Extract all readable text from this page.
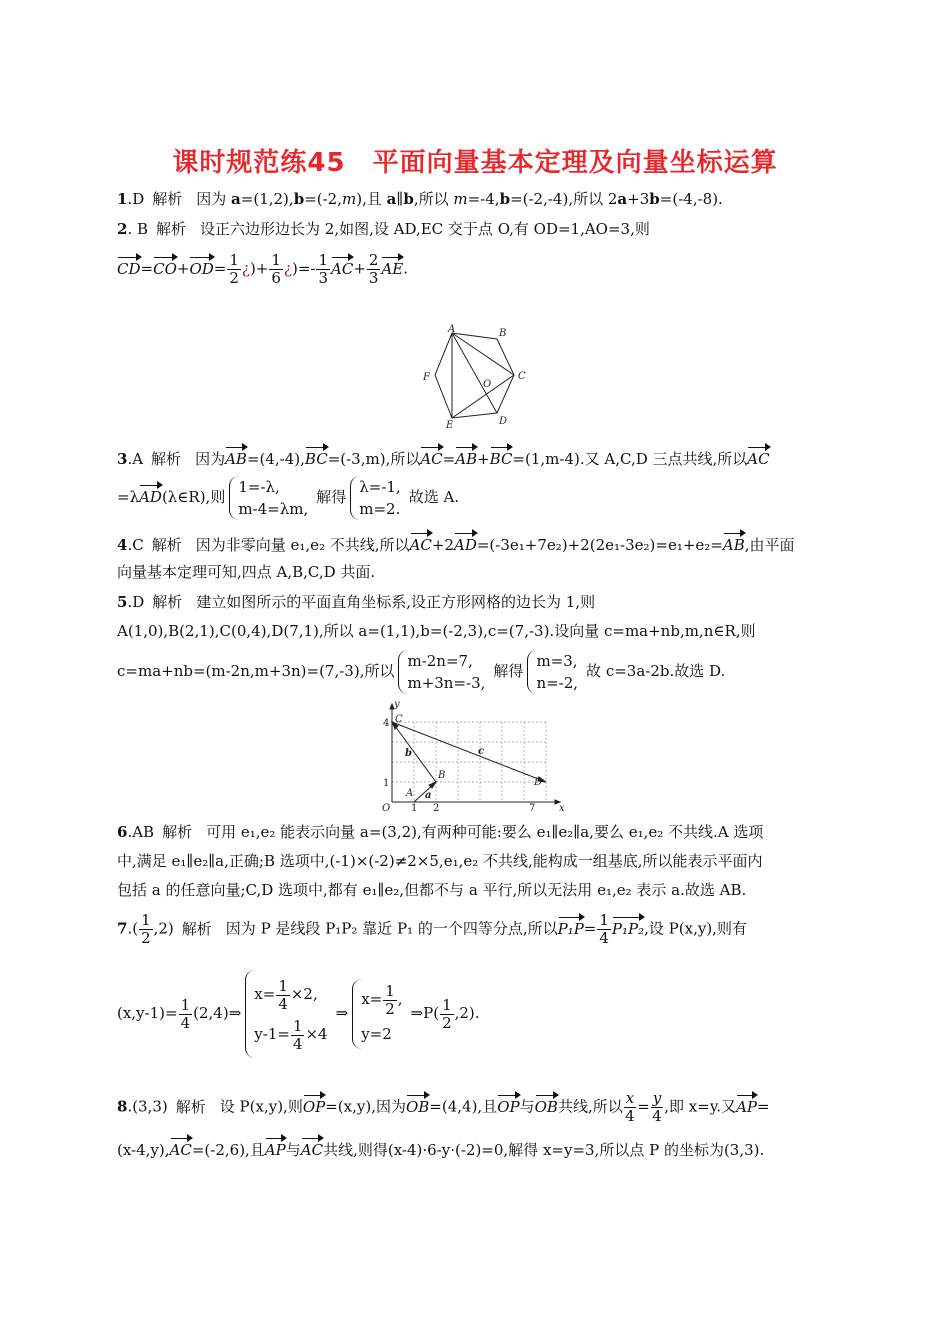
课时规范练45　平面向量基本定理及向量坐标运算
1.D 解析 因为 a=(1,2),b=(-2,m),且 a∥b,所以 m=-4,b=(-2,-4),所以 2a+3b=(-4,-8).
2. B 解析 设正六边形边长为 2,如图,设 AD,EC 交于点 O,有 OD=1,AO=3,则
$CD=CO+OD= \frac{1}{2}$ ¿)+ $\frac{1}{6}$ ¿)=- $\frac{1}{3} AC+ \frac{2}{3}$ AE.
A	B
C
D
E
F
O
3.A 解析 因为AB=(4,-4),BC=(-3,m),所以AC=AB+BC=(1,m-4).又 A,C,D 三点共线,所以AC
=λAD(λ∈R),则
1=-λ,
m-4=λm,
解得
λ=-1,
m=2.
故选 A.
4.C 解析 因为非零向量 e₁,e₂ 不共线,所以AC+2AD=(-3e₁+7e₂)+2(2e₁-3e₂)=e₁+e₂=AB,由平面
向量基本定理可知,四点 A,B,C,D 共面.
5.D 解析 建立如图所示的平面直角坐标系,设正方形网格的边长为 1,则
A(1,0),B(2,1),C(0,4),D(7,1),所以 a=(1,1),b=(-2,3),c=(7,-3).设向量 c=ma+nb,m,n∈R,则
c=ma+nb=(m-2n,m+3n)=(7,-3),所以
m-2n=7,
m+3n=-3,
解得
m=3,
n=-2,
故 c=3a-2b.故选 D.
y
x
O
4
1
1 2	7
C
B
D
A a
b	c
6.AB 解析 可用 e₁,e₂ 能表示向量 a=(3,2),有两种可能:要么 e₁∥e₂∥a,要么 e₁,e₂ 不共线.A 选项
中,满足 e₁∥e₂∥a,正确;B 选项中,(-1)×(-2)≠2×5,e₁,e₂ 不共线,能构成一组基底,所以能表示平面内
包括 a 的任意向量;C,D 选项中,都有 e₁∥e₂,但都不与 a 平行,所以无法用 e₁,e₂ 表示 a.故选 AB.
$7.( \frac{1}{2} ,2)$ 解析 因为 P 是线段 P₁P₂ 靠近 P₁ 的一个四等分点,所以$P_1P= \frac{1}{4} P_1P_2$,设 P(x,y),则有
$(x,y-1)= \frac{1}{4}$ (2,4)⇒
$x= \frac{1}{4} \times 2$,
$y-1= \frac{1}{4} \times 4$
⇒
$x= \frac{1}{2}$ ,
y=2
⇒P( $\frac{1}{2} ,2$).
8.(3,3) 解析 设 P(x,y),则OP=(x,y),因为OB=(4,4),且OP与OB共线,所以 $\frac{x}{4} = \frac{y}{4}$ ,即 x=y.又AP=
(x-4,y),AC=(-2,6),且AP与AC共线,则得(x-4)·6-y·(-2)=0,解得 x=y=3,所以点 P 的坐标为(3,3).
